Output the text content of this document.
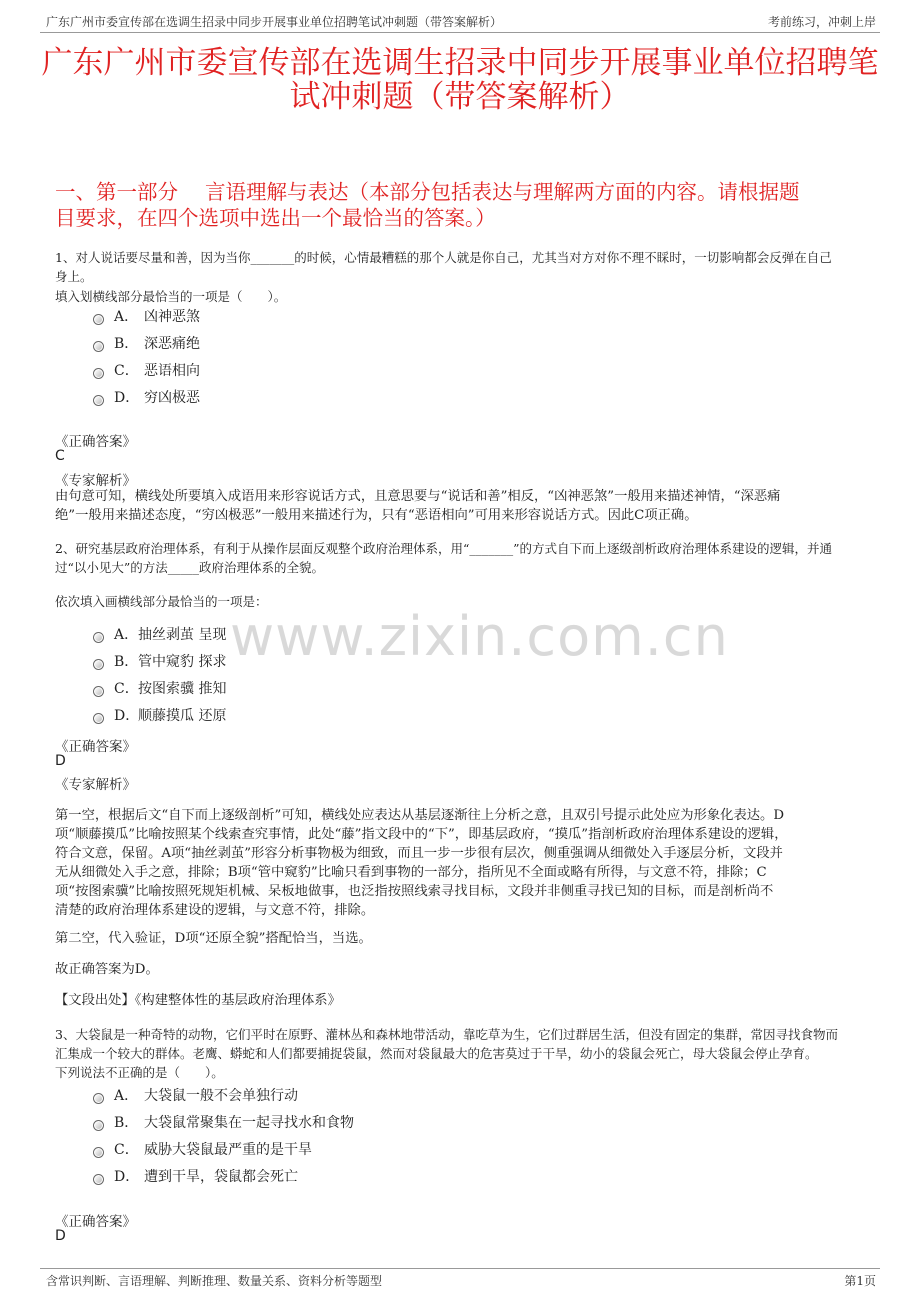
广东广州市委宣传部在选调生招录中同步开展事业单位招聘笔试冲刺题（带答案解析）	考前练习，冲刺上岸
广东广州市委宣传部在选调生招录中同步开展事业单位招聘笔
试冲刺题（带答案解析）
一、第一部分　 言语理解与表达（本部分包括表达与理解两方面的内容。请根据题
目要求，在四个选项中选出一个最恰当的答案。）
www.zixin.com.cn
1、对人说话要尽量和善，因为当你_______的时候，心情最糟糕的那个人就是你自己，尤其当对方对你不理不睬时，一切影响都会反弹在自己
身上。
填入划横线部分最恰当的一项是（　　）。
A． 凶神恶煞
B． 深恶痛绝
C． 恶语相向
D． 穷凶极恶
《正确答案》
C
《专家解析》
由句意可知，横线处所要填入成语用来形容说话方式，且意思要与“说话和善”相反，“凶神恶煞”一般用来描述神情，“深恶痛
绝”一般用来描述态度，“穷凶极恶”一般用来描述行为，只有“恶语相向”可用来形容说话方式。因此C项正确。
2、研究基层政府治理体系，有利于从操作层面反观整个政府治理体系，用“_______”的方式自下而上逐级剖析政府治理体系建设的逻辑，并通
过“以小见大”的方法_____政府治理体系的全貌。
依次填入画横线部分最恰当的一项是：
A．抽丝剥茧 呈现
B．管中窥豹 探求
C．按图索骥 推知
D．顺藤摸瓜 还原
《正确答案》
D
《专家解析》
第一空，根据后文“自下而上逐级剖析”可知，横线处应表达从基层逐渐往上分析之意，且双引号提示此处应为形象化表达。D
项“顺藤摸瓜”比喻按照某个线索查究事情，此处“藤”指文段中的“下”，即基层政府，“摸瓜”指剖析政府治理体系建设的逻辑，
符合文意，保留。A项“抽丝剥茧”形容分析事物极为细致，而且一步一步很有层次，侧重强调从细微处入手逐层分析，文段并
无从细微处入手之意，排除；B项“管中窥豹”比喻只看到事物的一部分，指所见不全面或略有所得，与文意不符，排除；C
项“按图索骥”比喻按照死规矩机械、呆板地做事，也泛指按照线索寻找目标，文段并非侧重寻找已知的目标，而是剖析尚不
清楚的政府治理体系建设的逻辑，与文意不符，排除。
第二空，代入验证，D项“还原全貌”搭配恰当，当选。
故正确答案为D。
【文段出处】《构建整体性的基层政府治理体系》
3、大袋鼠是一种奇特的动物，它们平时在原野、灌林丛和森林地带活动，靠吃草为生，它们过群居生活，但没有固定的集群，常因寻找食物而
汇集成一个较大的群体。老鹰、蟒蛇和人们都要捕捉袋鼠，然而对袋鼠最大的危害莫过于干旱，幼小的袋鼠会死亡，母大袋鼠会停止孕育。
下列说法不正确的是（　　）。
A． 大袋鼠一般不会单独行动
B． 大袋鼠常聚集在一起寻找水和食物
C． 威胁大袋鼠最严重的是干旱
D． 遭到干旱，袋鼠都会死亡
《正确答案》
D
含常识判断、言语理解、判断推理、数量关系、资料分析等题型	第1页
